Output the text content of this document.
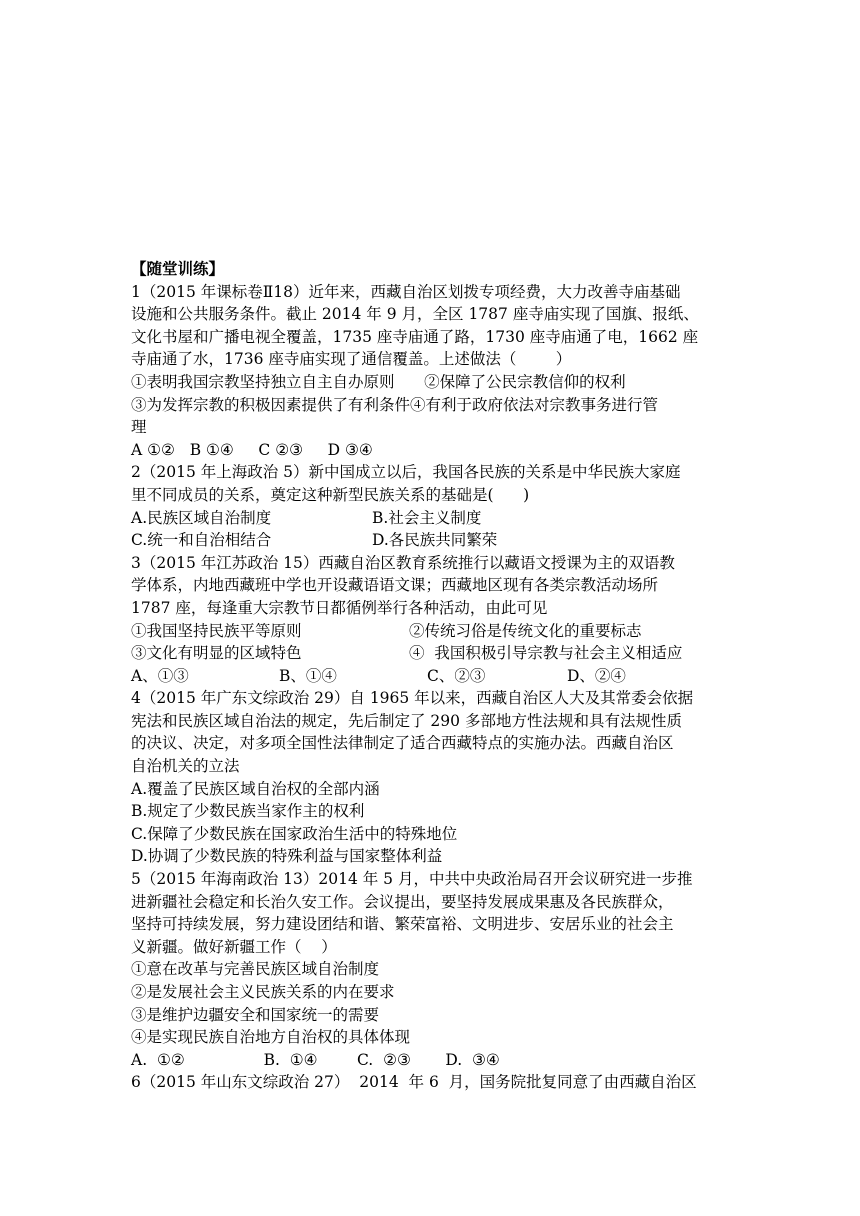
【随堂训练】
1（2015 年课标卷Ⅱ18）近年来，西藏自治区划拨专项经费，大力改善寺庙基础
设施和公共服务条件。截止 2014 年 9 月，全区 1787 座寺庙实现了国旗、报纸、
文化书屋和广播电视全覆盖，1735 座寺庙通了路，1730 座寺庙通了电，1662 座
寺庙通了水，1736 座寺庙实现了通信覆盖。上述做法（        ）
①表明我国宗教坚持独立自主自办原则      ②保障了公民宗教信仰的权利
③为发挥宗教的积极因素提供了有利条件④有利于政府依法对宗教事务进行管
理
A ①②   B ①④     C ②③     D ③④
2（2015 年上海政治 5）新中国成立以后，我国各民族的关系是中华民族大家庭
里不同成员的关系，奠定这种新型民族关系的基础是(      )
A.民族区域自治制度	B.社会主义制度
C.统一和自治相结合	D.各民族共同繁荣
3（2015 年江苏政治 15）西藏自治区教育系统推行以藏语文授课为主的双语教
学体系，内地西藏班中学也开设藏语语文课；西藏地区现有各类宗教活动场所
1787 座，每逢重大宗教节日都循例举行各种活动，由此可见
①我国坚持民族平等原则	②传统习俗是传统文化的重要标志
③文化有明显的区域特色	④  我国积极引导宗教与社会主义相适应
A、①③	B、①④	C、②③	D、②④
4（2015 年广东文综政治 29）自 1965 年以来，西藏自治区人大及其常委会依据
宪法和民族区域自治法的规定，先后制定了 290 多部地方性法规和具有法规性质
的决议、决定，对多项全国性法律制定了适合西藏特点的实施办法。西藏自治区
自治机关的立法
A.覆盖了民族区域自治权的全部内涵
B.规定了少数民族当家作主的权利
C.保障了少数民族在国家政治生活中的特殊地位
D.协调了少数民族的特殊利益与国家整体利益
5（2015 年海南政治 13）2014 年 5 月，中共中央政治局召开会议研究进一步推
进新疆社会稳定和长治久安工作。会议提出，要坚持发展成果惠及各民族群众，
坚持可持续发展，努力建设团结和谐、繁荣富裕、文明进步、安居乐业的社会主
义新疆。做好新疆工作（    ）
①意在改革与完善民族区域自治制度
②是发展社会主义民族关系的内在要求
③是维护边疆安全和国家统一的需要
④是实现民族自治地方自治权的具体体现
A.  ①②                B.  ①④        C.  ②③       D.  ③④
6（2015 年山东文综政治 27）  2014  年 6  月，国务院批复同意了由西藏自治区
